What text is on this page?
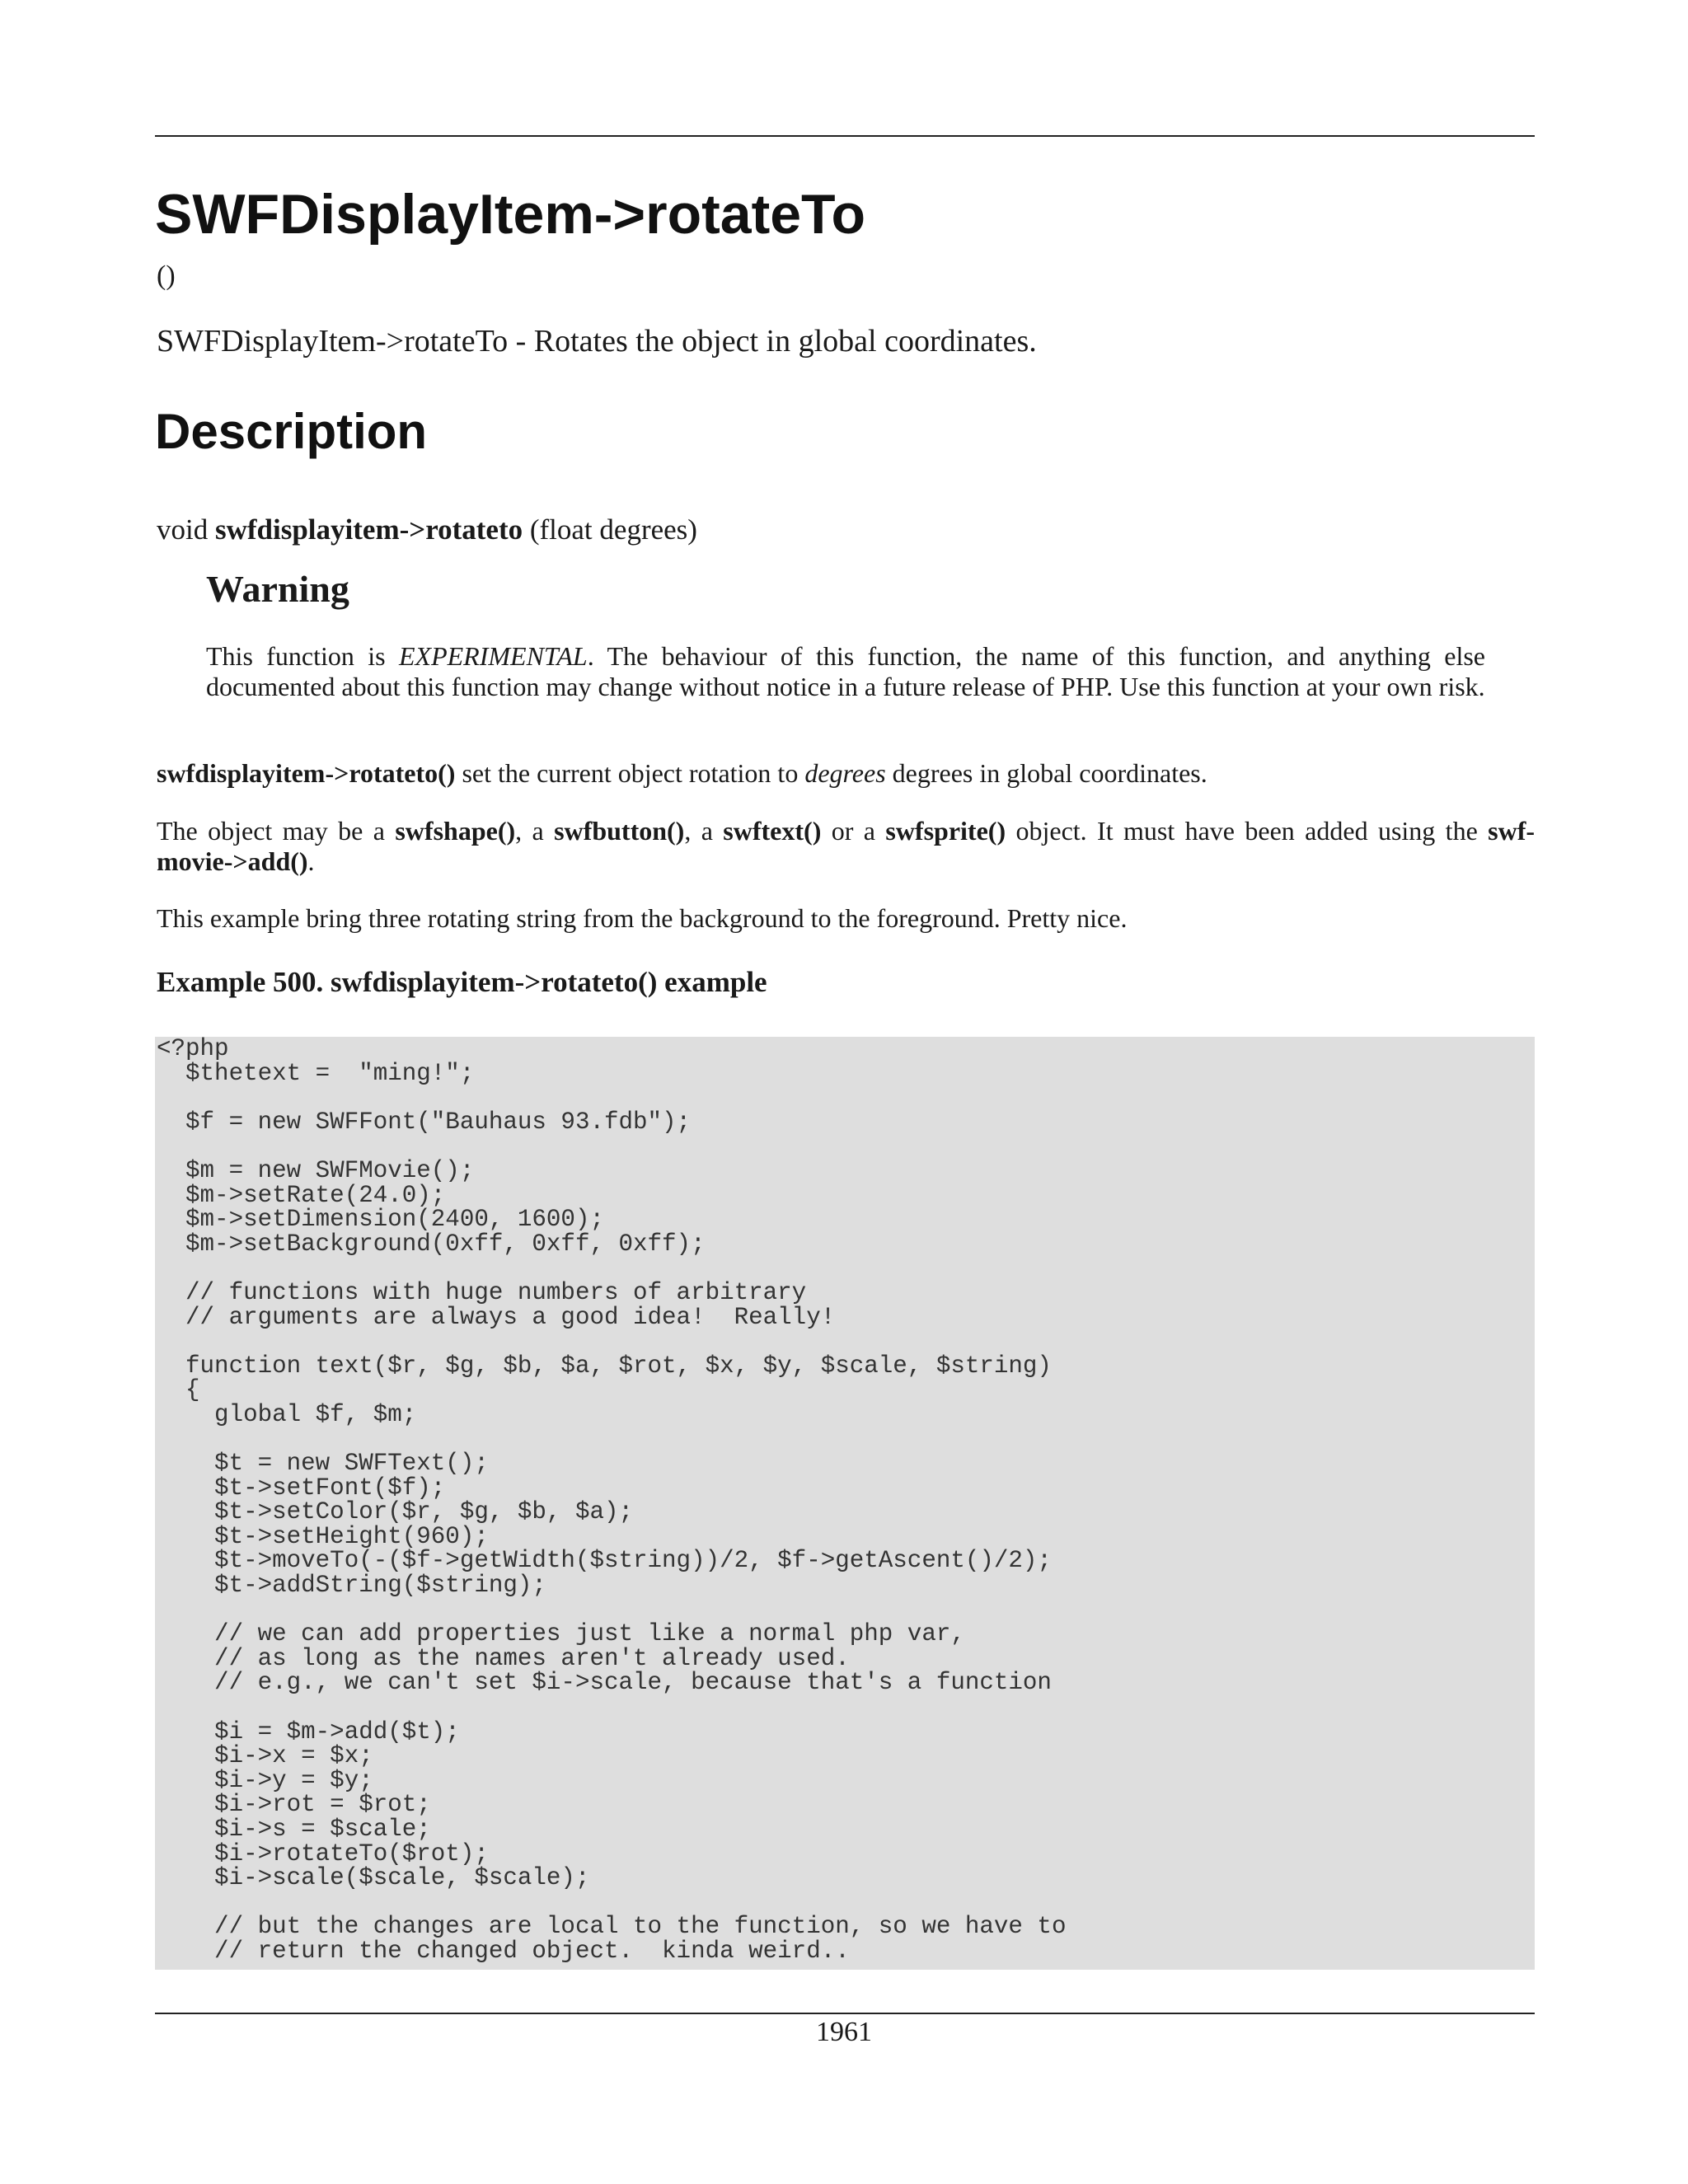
SWFDisplayItem->rotateTo
()
SWFDisplayItem->rotateTo - Rotates the object in global coordinates.
Description
void swfdisplayitem->rotateto (float degrees)
Warning
This function is EXPERIMENTAL. The behaviour of this function, the name of this function, and anything else documented about this function may change without notice in a future release of PHP. Use this function at your own risk.
swfdisplayitem->rotateto() set the current object rotation to degrees degrees in global coordinates.
The object may be a swfshape(), a swfbutton(), a swftext() or a swfsprite() object. It must have been added using the swf-movie->add().
This example bring three rotating string from the background to the foreground. Pretty nice.
Example 500. swfdisplayitem->rotateto() example
<?php
$thetext =  "ming!";

$f = new SWFFont("Bauhaus 93.fdb");

$m = new SWFMovie();
$m->setRate(24.0);
$m->setDimension(2400, 1600);
$m->setBackground(0xff, 0xff, 0xff);

// functions with huge numbers of arbitrary
// arguments are always a good idea!  Really!

function text($r, $g, $b, $a, $rot, $x, $y, $scale, $string)
{
global $f, $m;

$t = new SWFText();
$t->setFont($f);
$t->setColor($r, $g, $b, $a);
$t->setHeight(960);
$t->moveTo(-($f->getWidth($string))/2, $f->getAscent()/2);
$t->addString($string);

// we can add properties just like a normal php var,
// as long as the names aren't already used.
// e.g., we can't set $i->scale, because that's a function

$i = $m->add($t);
$i->x = $x;
$i->y = $y;
$i->rot = $rot;
$i->s = $scale;
$i->rotateTo($rot);
$i->scale($scale, $scale);

// but the changes are local to the function, so we have to
// return the changed object.  kinda weird..
1961
